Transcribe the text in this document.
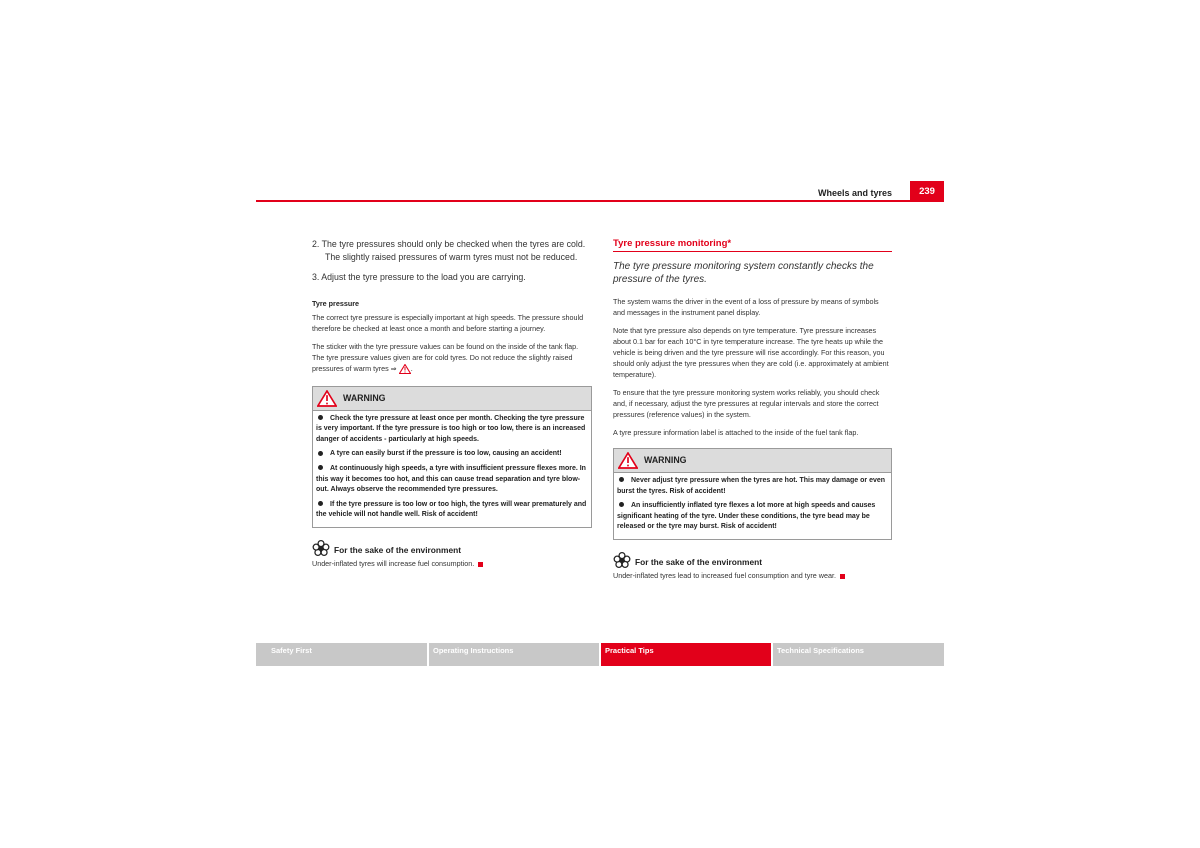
Wheels and tyres	239
2. The tyre pressures should only be checked when the tyres are cold. The slightly raised pressures of warm tyres must not be reduced.
3. Adjust the tyre pressure to the load you are carrying.
Tyre pressure

The correct tyre pressure is especially important at high speeds. The pressure should therefore be checked at least once a month and before starting a journey.

The sticker with the tyre pressure values can be found on the inside of the tank flap. The tyre pressure values given are for cold tyres. Do not reduce the slightly raised pressures of warm tyres ⇒ .

WARNING
Check the tyre pressure at least once per month. Checking the tyre pressure is very important. If the tyre pressure is too high or too low, there is an increased danger of accidents - particularly at high speeds.
A tyre can easily burst if the pressure is too low, causing an accident!
At continuously high speeds, a tyre with insufficient pressure flexes more. In this way it becomes too hot, and this can cause tread separation and tyre blow-out. Always observe the recommended tyre pressures.
If the tyre pressure is too low or too high, the tyres will wear prematurely and the vehicle will not handle well. Risk of accident!
For the sake of the environment
Under-inflated tyres will increase fuel consumption.
Tyre pressure monitoring*
The tyre pressure monitoring system constantly checks the pressure of the tyres.

The system warns the driver in the event of a loss of pressure by means of symbols and messages in the instrument panel display.

Note that tyre pressure also depends on tyre temperature. Tyre pressure increases about 0.1 bar for each 10°C in tyre temperature increase. The tyre heats up while the vehicle is being driven and the tyre pressure will rise accordingly. For this reason, you should only adjust the tyre pressures when they are cold (i.e. approximately at ambient temperature).

To ensure that the tyre pressure monitoring system works reliably, you should check and, if necessary, adjust the tyre pressures at regular intervals and store the correct pressures (reference values) in the system.

A tyre pressure information label is attached to the inside of the fuel tank flap.

WARNING
Never adjust tyre pressure when the tyres are hot. This may damage or even burst the tyres. Risk of accident!
An insufficiently inflated tyre flexes a lot more at high speeds and causes significant heating of the tyre. Under these conditions, the tyre bead may be released or the tyre may burst. Risk of accident!
For the sake of the environment
Under-inflated tyres lead to increased fuel consumption and tyre wear.
Safety First	Operating Instructions	Practical Tips	Technical Specifications
